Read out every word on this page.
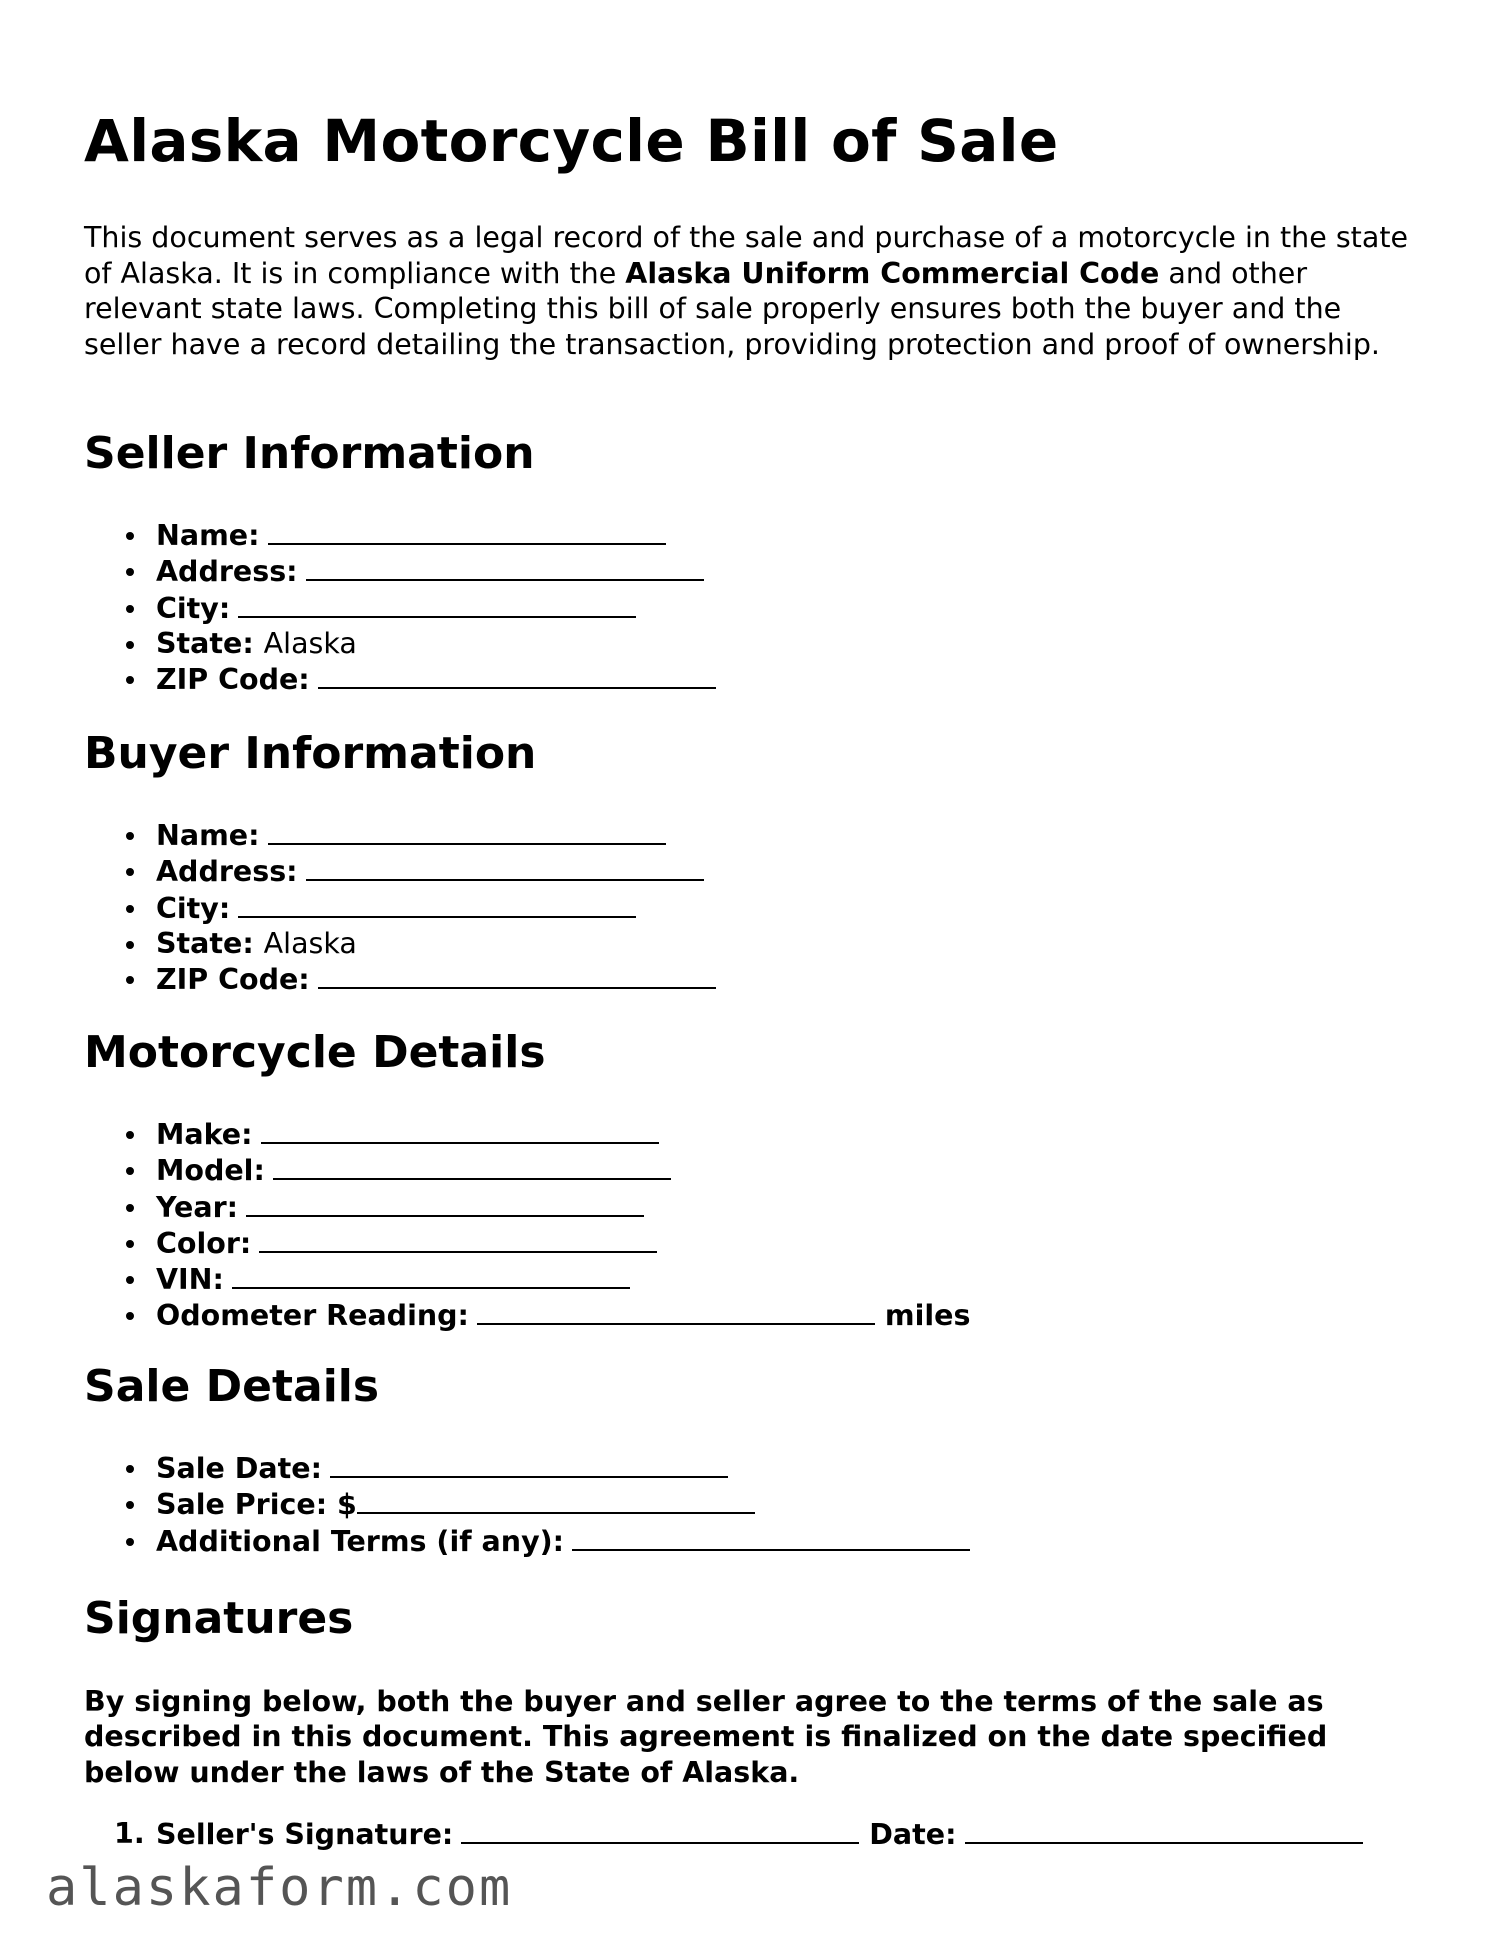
Alaska Motorcycle Bill of Sale

This document serves as a legal record of the sale and purchase of a motorcycle in the state of Alaska. It is in compliance with the Alaska Uniform Commercial Code and other relevant state laws. Completing this bill of sale properly ensures both the buyer and the seller have a record detailing the transaction, providing protection and proof of ownership.

Seller Information
Name:
Address:
City:
State: Alaska
ZIP Code:
Buyer Information
Name:
Address:
City:
State: Alaska
ZIP Code:
Motorcycle Details
Make:
Model:
Year:
Color:
VIN:
Odometer Reading:	miles
Sale Details
Sale Date:
Sale Price: $
Additional Terms (if any):
Signatures

By signing below, both the buyer and seller agree to the terms of the sale as described in this document. This agreement is finalized on the date specified below under the laws of the State of Alaska.

1. Seller's Signature:	Date:
alaskaform.com
